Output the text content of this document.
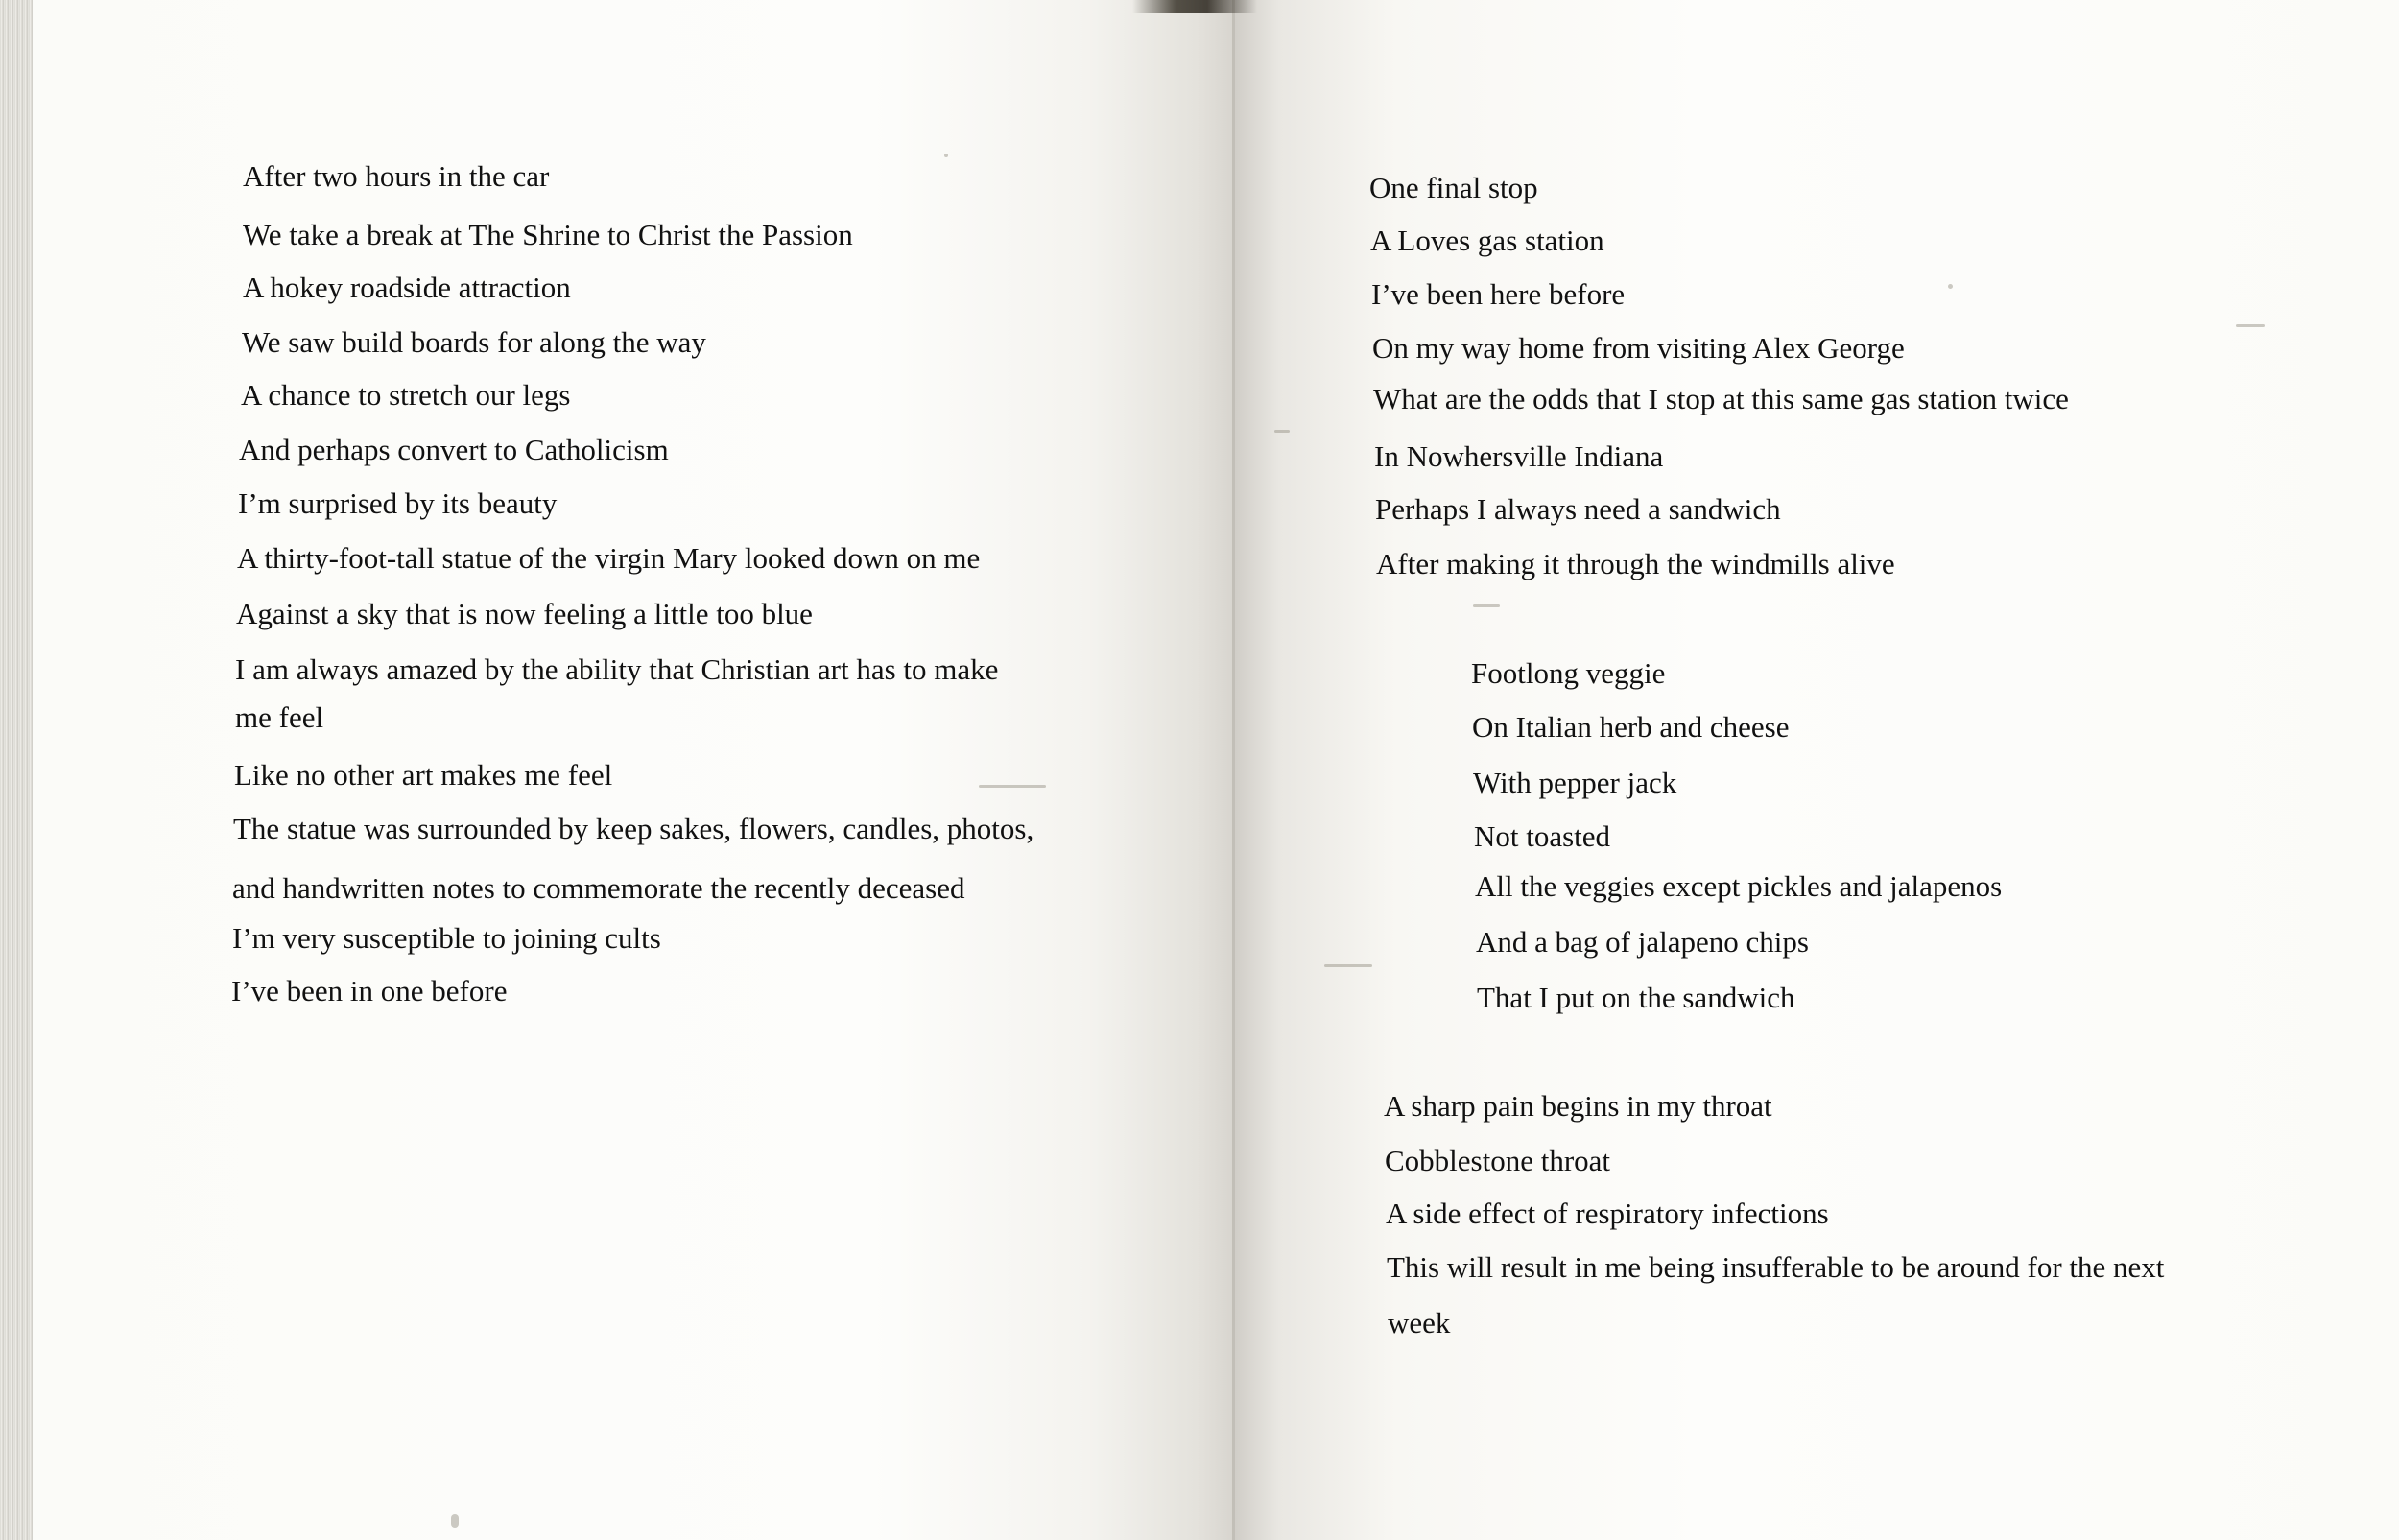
After two hours in the car
We take a break at The Shrine to Christ the Passion
A hokey roadside attraction
We saw build boards for along the way
A chance to stretch our legs
And perhaps convert to Catholicism
I’m surprised by its beauty
A thirty-foot-tall statue of the virgin Mary looked down on me
Against a sky that is now feeling a little too blue
I am always amazed by the ability that Christian art has to make
me feel
Like no other art makes me feel
The statue was surrounded by keep sakes, flowers, candles, photos,
and handwritten notes to commemorate the recently deceased
I’m very susceptible to joining cults
I’ve been in one before
One final stop
A Loves gas station
I’ve been here before
On my way home from visiting Alex George
What are the odds that I stop at this same gas station twice
In Nowhersville Indiana
Perhaps I always need a sandwich
After making it through the windmills alive
Footlong veggie
On Italian herb and cheese
With pepper jack
Not toasted
All the veggies except pickles and jalapenos
And a bag of jalapeno chips
That I put on the sandwich
A sharp pain begins in my throat
Cobblestone throat
A side effect of respiratory infections
This will result in me being insufferable to be around for the next
week
